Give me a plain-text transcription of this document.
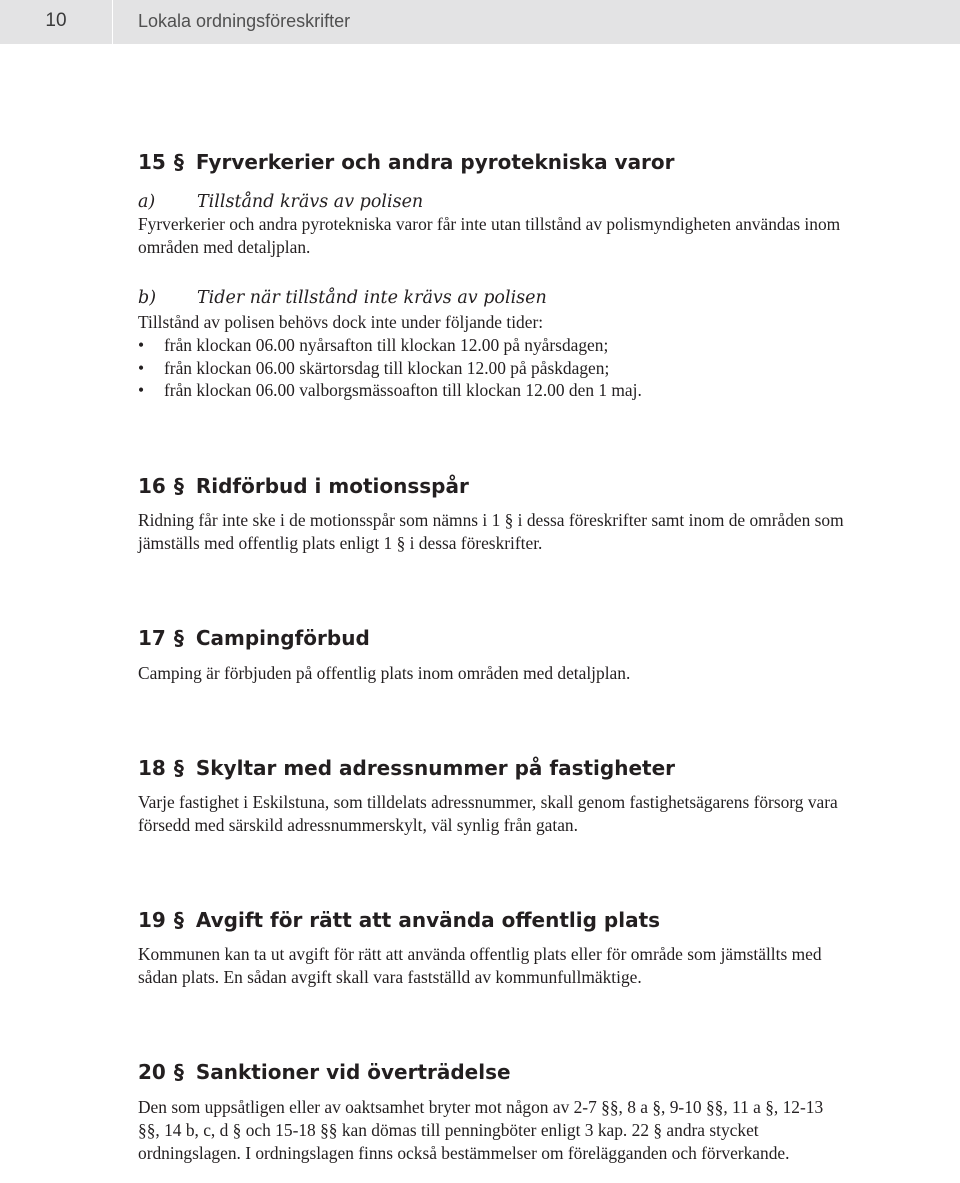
10	Lokala ordningsföreskrifter
15 § Fyrverkerier och andra pyrotekniska varor
a) Tillstånd krävs av polisen

Fyrverkerier och andra pyrotekniska varor får inte utan tillstånd av polismyndigheten användas inom områden med detaljplan.

b) Tider när tillstånd inte krävs av polisen

Tillstånd av polisen behövs dock inte under följande tider:

• från klockan 06.00 nyårsafton till klockan 12.00 på nyårsdagen;
• från klockan 06.00 skärtorsdag till klockan 12.00 på påskdagen;
• från klockan 06.00 valborgsmässoafton till klockan 12.00 den 1 maj.
16 § Ridförbud i motionsspår

Ridning får inte ske i de motionsspår som nämns i 1 § i dessa föreskrifter samt inom de områden som jämställs med offentlig plats enligt 1 § i dessa föreskrifter.

17 § Campingförbud

Camping är förbjuden på offentlig plats inom områden med detaljplan.

18 § Skyltar med adressnummer på fastigheter

Varje fastighet i Eskilstuna, som tilldelats adressnummer, skall genom fastighetsägarens försorg vara försedd med särskild adressnummerskylt, väl synlig från gatan.

19 § Avgift för rätt att använda offentlig plats

Kommunen kan ta ut avgift för rätt att använda offentlig plats eller för område som jämställts med sådan plats. En sådan avgift skall vara fastställd av kommunfullmäktige.

20 § Sanktioner vid överträdelse

Den som uppsåtligen eller av oaktsamhet bryter mot någon av 2-7 §§, 8 a §, 9-10 §§, 11 a §, 12-13 §§, 14 b, c, d § och 15-18 §§ kan dömas till penningböter enligt 3 kap. 22 § andra stycket ordningslagen. I ordningslagen finns också bestämmelser om förelägganden och förverkande.
